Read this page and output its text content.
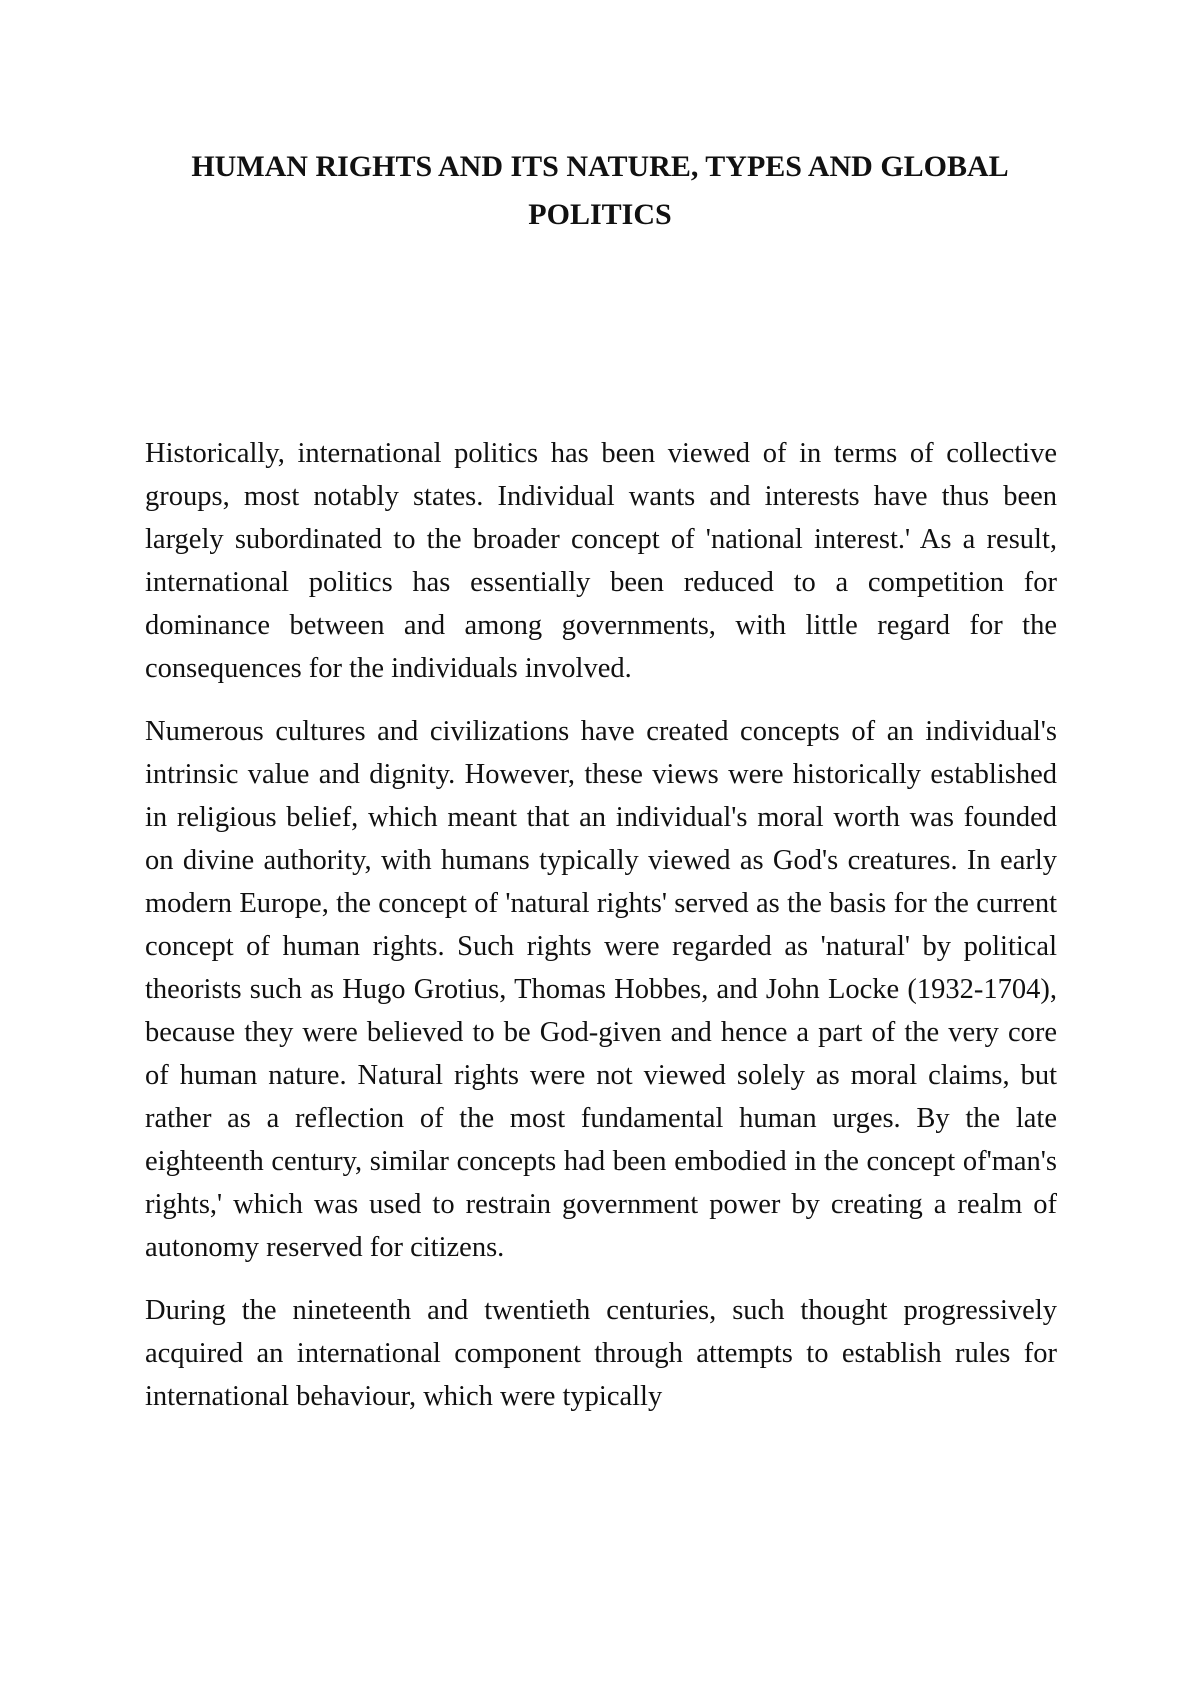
HUMAN RIGHTS AND ITS NATURE, TYPES AND GLOBAL POLITICS

Historically, international politics has been viewed of in terms of collective groups, most notably states. Individual wants and interests have thus been largely subordinated to the broader concept of 'national interest.' As a result, international politics has essentially been reduced to a competition for dominance between and among governments, with little regard for the consequences for the individuals involved.

Numerous cultures and civilizations have created concepts of an individual's intrinsic value and dignity. However, these views were historically established in religious belief, which meant that an individual's moral worth was founded on divine authority, with humans typically viewed as God's creatures. In early modern Europe, the concept of 'natural rights' served as the basis for the current concept of human rights. Such rights were regarded as 'natural' by political theorists such as Hugo Grotius, Thomas Hobbes, and John Locke (1932-1704), because they were believed to be God-given and hence a part of the very core of human nature. Natural rights were not viewed solely as moral claims, but rather as a reflection of the most fundamental human urges. By the late eighteenth century, similar concepts had been embodied in the concept of'man's rights,' which was used to restrain government power by creating a realm of autonomy reserved for citizens.

During the nineteenth and twentieth centuries, such thought progressively acquired an international component through attempts to establish rules for international behaviour, which were typically
